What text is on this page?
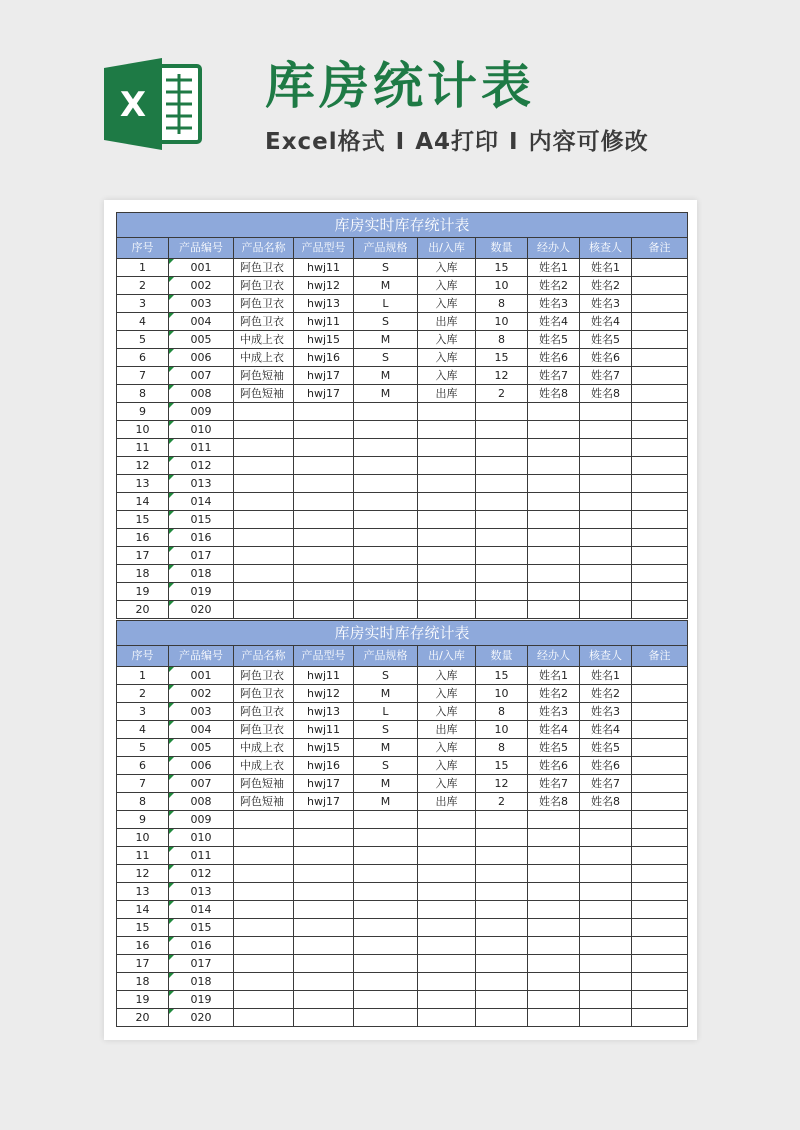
X 库房统计表
Excel格式 I A4打印 I 内容可修改
库房实时库存统计表									
序号	产品编号	产品名称	产品型号	产品规格	出/入库	数量	经办人	核查人	备注
1	001	阿色卫衣	hwj11	S	入库	15	姓名1	姓名1	
2	002	阿色卫衣	hwj12	M	入库	10	姓名2	姓名2	
3	003	阿色卫衣	hwj13	L	入库	8	姓名3	姓名3	
4	004	阿色卫衣	hwj11	S	出库	10	姓名4	姓名4	
5	005	中成上衣	hwj15	M	入库	8	姓名5	姓名5	
6	006	中成上衣	hwj16	S	入库	15	姓名6	姓名6	
7	007	阿色短袖	hwj17	M	入库	12	姓名7	姓名7	
8	008	阿色短袖	hwj17	M	出库	2	姓名8	姓名8	
9	009								
10	010								
11	011								
12	012								
13	013								
14	014								
15	015								
16	016								
17	017								
18	018								
19	019								
20	020								
库房实时库存统计表									
序号	产品编号	产品名称	产品型号	产品规格	出/入库	数量	经办人	核查人	备注
1	001	阿色卫衣	hwj11	S	入库	15	姓名1	姓名1	
2	002	阿色卫衣	hwj12	M	入库	10	姓名2	姓名2	
3	003	阿色卫衣	hwj13	L	入库	8	姓名3	姓名3	
4	004	阿色卫衣	hwj11	S	出库	10	姓名4	姓名4	
5	005	中成上衣	hwj15	M	入库	8	姓名5	姓名5	
6	006	中成上衣	hwj16	S	入库	15	姓名6	姓名6	
7	007	阿色短袖	hwj17	M	入库	12	姓名7	姓名7	
8	008	阿色短袖	hwj17	M	出库	2	姓名8	姓名8	
9	009								
10	010								
11	011								
12	012								
13	013								
14	014								
15	015								
16	016								
17	017								
18	018								
19	019								
20	020								
